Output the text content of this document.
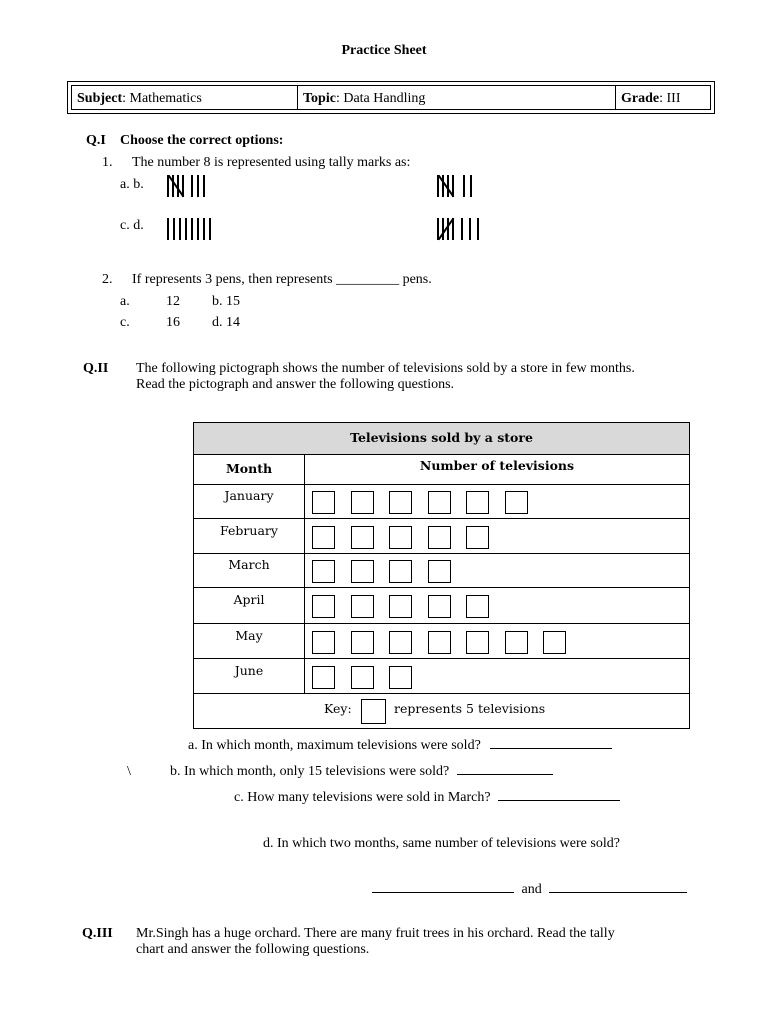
Practice Sheet
Subject: Mathematics	Topic: Data Handling	Grade: III
Q.I Choose the correct options:
1. The number 8 is represented using tally marks as:
a. b.
c. d.
2. If represents 3 pens, then represents _________ pens.
a.	12 b. 15
c.	16 d. 14
Q.II The following pictograph shows the number of televisions sold by a store in few months.
Read the pictograph and answer the following questions.
Televisions sold by a store
Month	Number of televisions
January
February
March
April
May
June
Key:	represents 5 televisions
a. In which month, maximum televisions were sold?
\	b. In which month, only 15 televisions were sold?
c. How many televisions were sold in March?
d. In which two months, same number of televisions were sold?
and
Q.III Mr.Singh has a huge orchard. There are many fruit trees in his orchard. Read the tally
chart and answer the following questions.
